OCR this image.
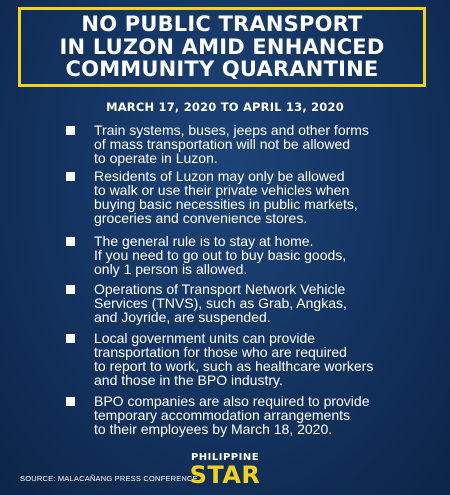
NO PUBLIC TRANSPORT
IN LUZON AMID ENHANCED
COMMUNITY QUARANTINE
MARCH 17, 2020 TO APRIL 13, 2020
Train systems, buses, jeeps and other forms
of mass transportation will not be allowed
to operate in Luzon.
Residents of Luzon may only be allowed
to walk or use their private vehicles when
buying basic necessities in public markets,
groceries and convenience stores.
The general rule is to stay at home.
If you need to go out to buy basic goods,
only 1 person is allowed.
Operations of Transport Network Vehicle
Services (TNVS), such as Grab, Angkas,
and Joyride, are suspended.
Local government units can provide
transportation for those who are required
to report to work, such as healthcare workers
and those in the BPO industry.
BPO companies are also required to provide
temporary accommodation arrangements
to their employees by March 18, 2020.
SOURCE: MALACAÑANG PRESS CONFERENCE
PHILIPPINE
STAR
